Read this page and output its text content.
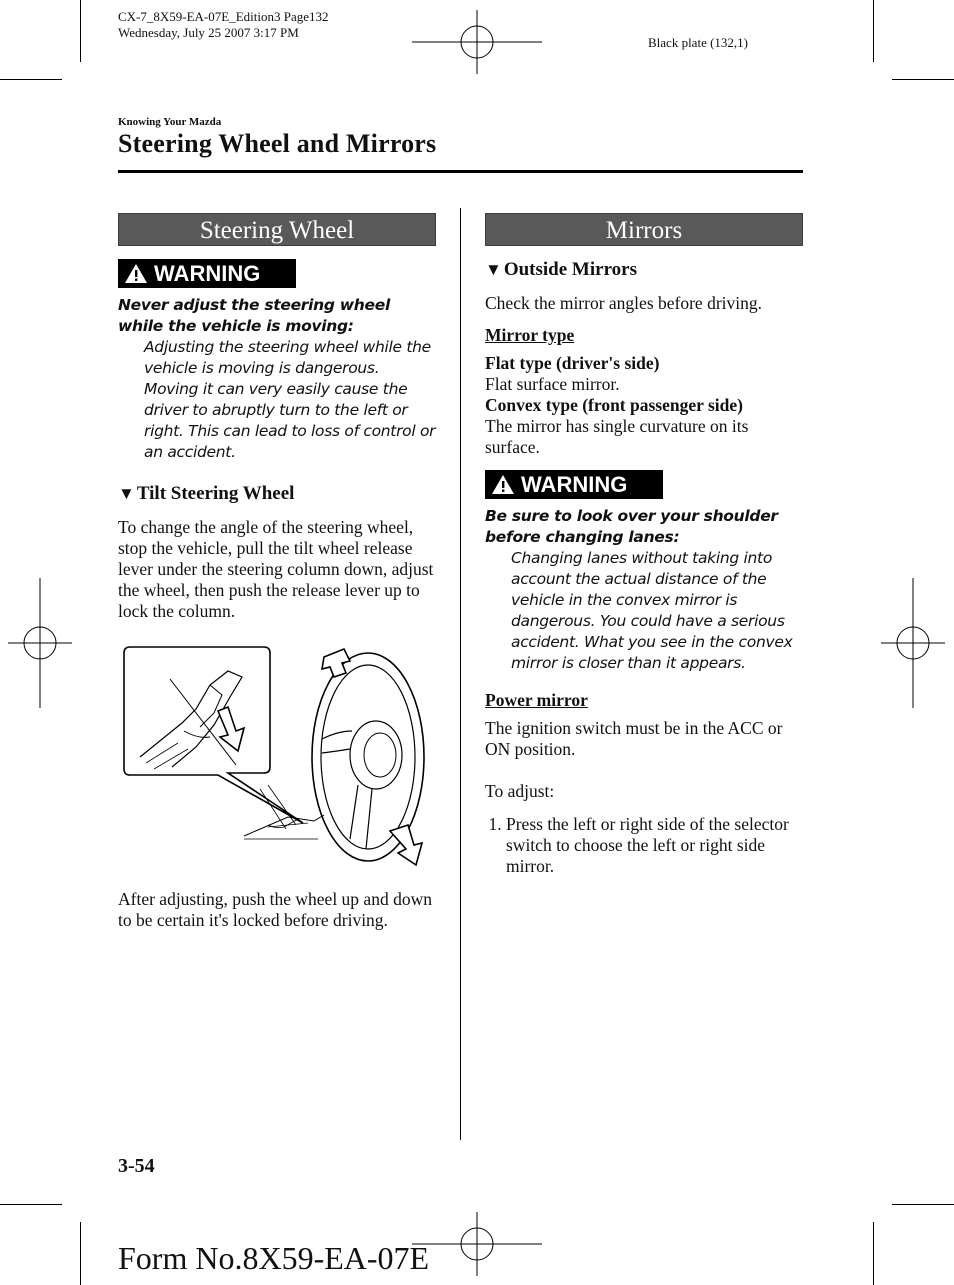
CX-7_8X59-EA-07E_Edition3 Page132
Wednesday, July 25 2007 3:17 PM
Black plate (132,1)
Knowing Your Mazda
Steering Wheel and Mirrors
Steering Wheel
WARNING
Never adjust the steering wheel while the vehicle is moving:
Adjusting the steering wheel while the vehicle is moving is dangerous. Moving it can very easily cause the driver to abruptly turn to the left or right. This can lead to loss of control or an accident.
▼ Tilt Steering Wheel

To change the angle of the steering wheel, stop the vehicle, pull the tilt wheel release lever under the steering column down, adjust the wheel, then push the release lever up to lock the column.

After adjusting, push the wheel up and down to be certain it's locked before driving.

Mirrors
▼ Outside Mirrors

Check the mirror angles before driving.

Mirror type

Flat type (driver's side)

Flat surface mirror.

Convex type (front passenger side)

The mirror has single curvature on its surface.

WARNING
Be sure to look over your shoulder before changing lanes:
Changing lanes without taking into account the actual distance of the vehicle in the convex mirror is dangerous. You could have a serious accident. What you see in the convex mirror is closer than it appears.
Power mirror

The ignition switch must be in the ACC or ON position.

To adjust:

1. Press the left or right side of the selector switch to choose the left or right side mirror.
3-54
Form No.8X59-EA-07E
